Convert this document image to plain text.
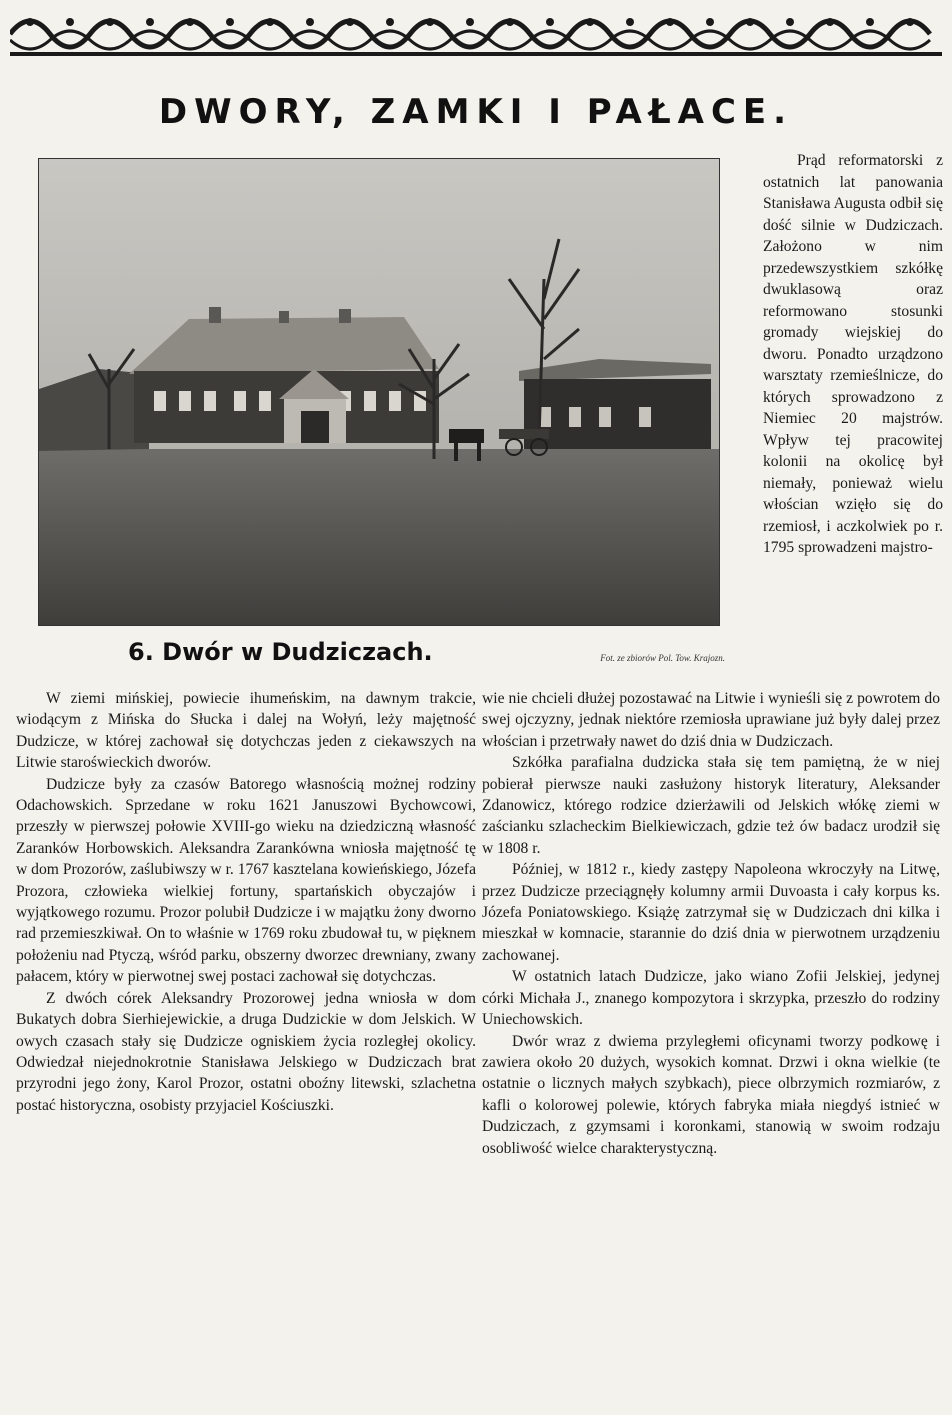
DWORY, ZAMKI I PAŁACE.
Fot. ze zbiorów Pol. Tow. Krajozn.
6. Dwór w Dudziczach.
Prąd reformatorski z ostatnich lat panowania Stanisława Augusta odbił się dość silnie w Dudziczach. Założono w nim przedewszystkiem szkółkę dwuklasową oraz reformowano stosunki gromady wiejskiej do dworu. Ponadto urządzono warsztaty rzemieślnicze, do których sprowadzono z Niemiec 20 majstrów. Wpływ tej pracowitej kolonii na okolicę był niemały, ponieważ wielu włościan wzięło się do rzemiosł, i aczkolwiek po r. 1795 sprowadzeni majstro-

W ziemi mińskiej, powiecie ihumeńskim, na dawnym trakcie, wiodącym z Mińska do Słucka i dalej na Wołyń, leży majętność Dudzicze, w której zachował się dotychczas jeden z ciekawszych na Litwie staroświeckich dworów.

Dudzicze były za czasów Batorego własnością możnej rodziny Odachowskich. Sprzedane w roku 1621 Januszowi Bychowcowi, przeszły w pierwszej połowie XVIII-go wieku na dziedziczną własność Zaranków Horbowskich. Aleksandra Zarankówna wniosła majętność tę w dom Prozorów, zaślubiwszy w r. 1767 kasztelana kowieńskiego, Józefa Prozora, człowieka wielkiej fortuny, spartańskich obyczajów i wyjątkowego rozumu. Prozor polubił Dudzicze i w majątku żony dworno rad przemieszkiwał. On to właśnie w 1769 roku zbudował tu, w pięknem położeniu nad Ptyczą, wśród parku, obszerny dworzec drewniany, zwany pałacem, który w pierwotnej swej postaci zachował się dotychczas.

Z dwóch córek Aleksandry Prozorowej jedna wniosła w dom Bukatych dobra Sierhiejewickie, a druga Dudzickie w dom Jelskich. W owych czasach stały się Dudzicze ogniskiem życia rozległej okolicy. Odwiedzał niejednokrotnie Stanisława Jelskiego w Dudziczach brat przyrodni jego żony, Karol Prozor, ostatni oboźny litewski, szlachetna postać historyczna, osobisty przyjaciel Kościuszki.

wie nie chcieli dłużej pozostawać na Litwie i wynieśli się z powrotem do swej ojczyzny, jednak niektóre rzemiosła uprawiane już były dalej przez włościan i przetrwały nawet do dziś dnia w Dudziczach.

Szkółka parafialna dudzicka stała się tem pamiętną, że w niej pobierał pierwsze nauki zasłużony historyk literatury, Aleksander Zdanowicz, którego rodzice dzierżawili od Jelskich włókę ziemi w zaścianku szlacheckim Bielkiewiczach, gdzie też ów badacz urodził się w 1808 r.

Później, w 1812 r., kiedy zastępy Napoleona wkroczyły na Litwę, przez Dudzicze przeciągnęły kolumny armii Duvoasta i cały korpus ks. Józefa Poniatowskiego. Książę zatrzymał się w Dudziczach dni kilka i mieszkał w komnacie, starannie do dziś dnia w pierwotnem urządzeniu zachowanej.

W ostatnich latach Dudzicze, jako wiano Zofii Jelskiej, jedynej córki Michała J., znanego kompozytora i skrzypka, przeszło do rodziny Uniechowskich.

Dwór wraz z dwiema przyległemi oficynami tworzy podkowę i zawiera około 20 dużych, wysokich komnat. Drzwi i okna wielkie (te ostatnie o licznych małych szybkach), piece olbrzymich rozmiarów, z kafli o kolorowej polewie, których fabryka miała niegdyś istnieć w Dudziczach, z gzymsami i koronkami, stanowią w swoim rodzaju osobliwość wielce charakterystyczną.
